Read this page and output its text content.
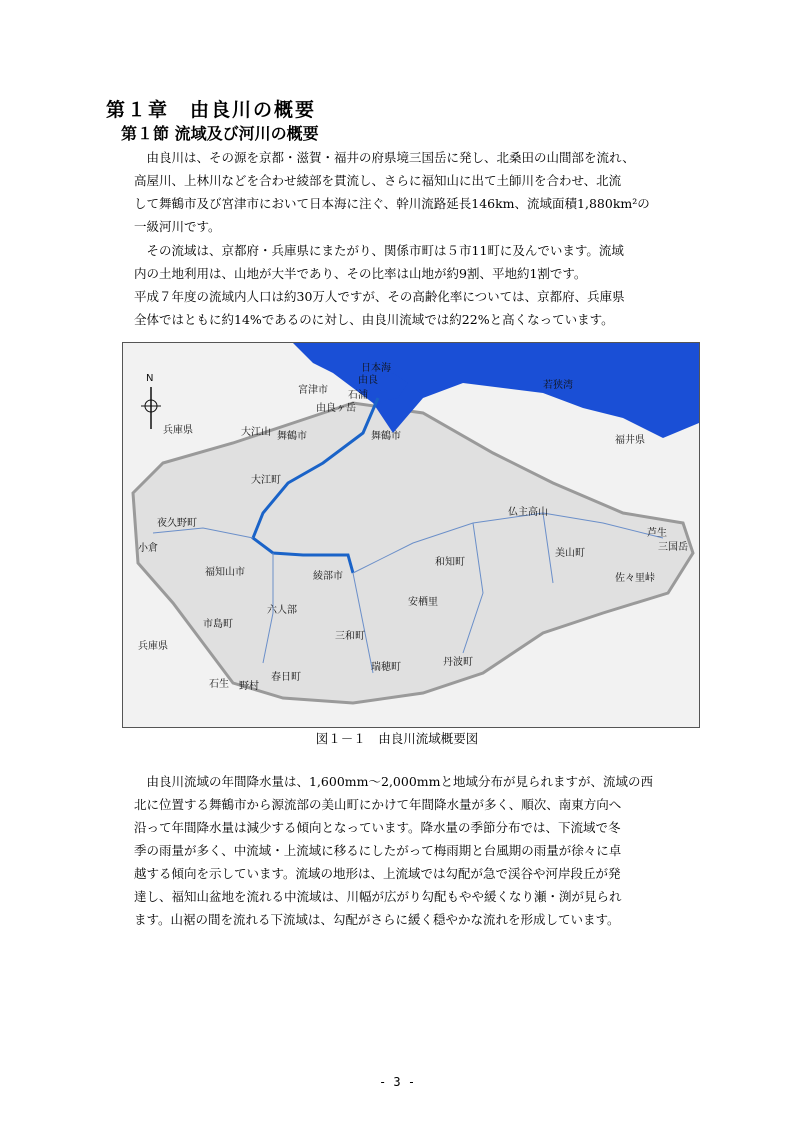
第１章　由良川の概要
第１節 流域及び河川の概要
　由良川は、その源を京都・滋賀・福井の府県境三国岳に発し、北桑田の山間部を流れ、
高屋川、上林川などを合わせ綾部を貫流し、さらに福知山に出て土師川を合わせ、北流
して舞鶴市及び宮津市において日本海に注ぐ、幹川流路延長146km、流域面積1,880km²の
一級河川です。
　その流域は、京都府・兵庫県にまたがり、関係市町は５市11町に及んでいます。流域
内の土地利用は、山地が大半であり、その比率は山地が約9割、平地約1割です。
平成７年度の流域内人口は約30万人ですが、その高齢化率については、京都府、兵庫県
全体ではともに約14%であるのに対し、由良川流域では約22%と高くなっています。
日本海
若狭湾
N
宮津市 石浦
由良
由良ヶ岳
舞鶴市
大江山
大江町
舞鶴市	福井県
兵庫県
夜久野町
小倉
福知山市	綾部市
和知町
美山町
三国岳
芦生
佐々里峠
仏主高山
六人部
市島町
三和町
安栖里
瑞穂町	丹波町
兵庫県
春日町
石生 野村
図１－１　由良川流域概要図
　由良川流域の年間降水量は、1,600mm～2,000mmと地域分布が見られますが、流域の西
北に位置する舞鶴市から源流部の美山町にかけて年間降水量が多く、順次、南東方向へ
沿って年間降水量は減少する傾向となっています。降水量の季節分布では、下流域で冬
季の雨量が多く、中流域・上流域に移るにしたがって梅雨期と台風期の雨量が徐々に卓
越する傾向を示しています。流域の地形は、上流域では勾配が急で渓谷や河岸段丘が発
達し、福知山盆地を流れる中流域は、川幅が広がり勾配もやや緩くなり瀬・渕が見られ
ます。山裾の間を流れる下流域は、勾配がさらに緩く穏やかな流れを形成しています。
- 3 -
